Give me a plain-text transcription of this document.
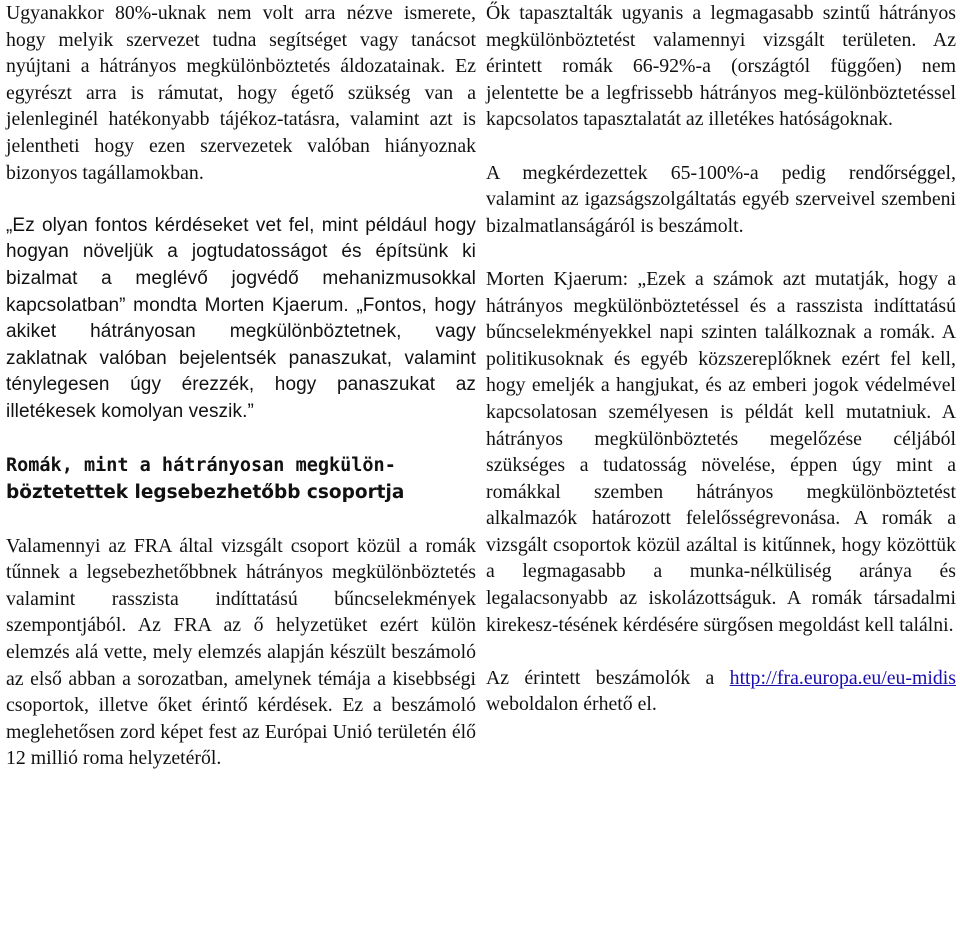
Ugyanakkor 80%-uknak nem volt arra nézve ismerete, hogy melyik szervezet tudna segítséget vagy tanácsot nyújtani a hátrányos megkülönböztetés áldozatainak. Ez egyrészt arra is rámutat, hogy égető szükség van a jelenleginél hatékonyabb tájékoz-tatásra, valamint azt is jelentheti hogy ezen szervezetek valóban hiányoznak bizonyos tagállamokban.

„Ez olyan fontos kérdéseket vet fel, mint például hogy hogyan növeljük a jogtudatosságot és építsünk ki bizalmat a meglévő jogvédő mehanizmusokkal kapcsolatban” mondta Morten Kjaerum. „Fontos, hogy akiket hátrányosan megkülönböztetnek, vagy zaklatnak valóban bejelentsék panaszukat, valamint ténylegesen úgy érezzék, hogy panaszukat az illetékesek komolyan veszik.”

Romák, mint a hátrányosan megkülön-
böztetettek legsebezhetőbb csoportja

Valamennyi az FRA által vizsgált csoport közül a romák tűnnek a legsebezhetőbbnek hátrányos megkülönböztetés valamint rasszista indíttatású bűncselekmények szempontjából. Az FRA az ő helyzetüket ezért külön elemzés alá vette, mely elemzés alapján készült beszámoló az első abban a sorozatban, amelynek témája a kisebbségi csoportok, illetve őket érintő kérdések. Ez a beszámoló meglehetősen zord képet fest az Európai Unió területén élő 12 millió roma helyzetéről.

Ők tapasztalták ugyanis a legmagasabb szintű hátrányos megkülönböztetést valamennyi vizsgált területen. Az érintett romák 66-92%-a (országtól függően) nem jelentette be a legfrissebb hátrányos meg-különböztetéssel kapcsolatos tapasztalatát az illetékes hatóságoknak.

A megkérdezettek 65-100%-a pedig rendőrséggel, valamint az igazságszolgáltatás egyéb szerveivel szembeni bizalmatlanságáról is beszámolt.

Morten Kjaerum: „Ezek a számok azt mutatják, hogy a hátrányos megkülönböztetéssel és a rasszista indíttatású bűncselekményekkel napi szinten találkoznak a romák. A politikusoknak és egyéb közszereplőknek ezért fel kell, hogy emeljék a hangjukat, és az emberi jogok védelmével kapcsolatosan személyesen is példát kell mutatniuk. A hátrányos megkülönböztetés megelőzése céljából szükséges a tudatosság növelése, éppen úgy mint a romákkal szemben hátrányos megkülönböztetést alkalmazók határozott felelősségrevonása. A romák a vizsgált csoportok közül azáltal is kitűnnek, hogy közöttük a legmagasabb a munka-nélküliség aránya és legalacsonyabb az iskolázottságuk. A romák társadalmi kirekesz-tésének kérdésére sürgősen megoldást kell találni.

Az érintett beszámolók a http://fra.europa.eu/eu-midis weboldalon érhető el.
